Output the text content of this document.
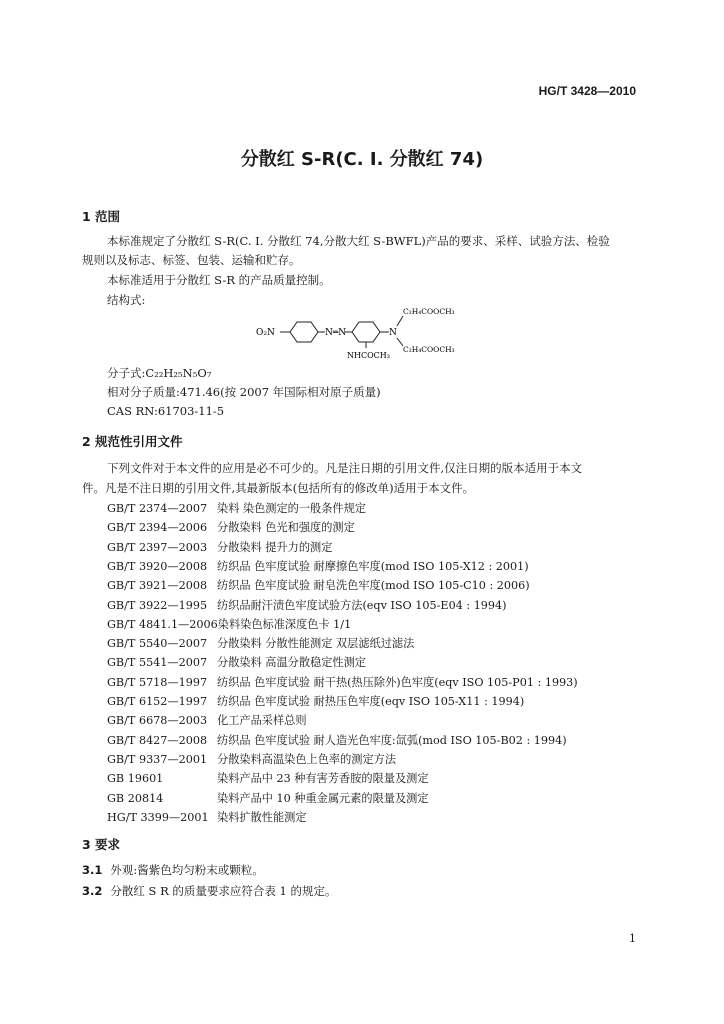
HG/T 3428—2010
分散红 S-R(C. I. 分散红 74)
1 范围
本标准规定了分散红 S-R(C. I. 分散红 74,分散大红 S-BWFL)产品的要求、采样、试验方法、检验
规则以及标志、标签、包装、运输和贮存。
本标准适用于分散红 S-R 的产品质量控制。
结构式:
O₂N	N═N	N
C₂H₄COOCH₃
C₂H₄COOCH₃
NHCOCH₃
分子式:C₂₂H₂₅N₅O₇
相对分子质量:471.46(按 2007 年国际相对原子质量)
CAS RN:61703-11-5
2 规范性引用文件
下列文件对于本文件的应用是必不可少的。凡是注日期的引用文件,仅注日期的版本适用于本文
件。凡是不注日期的引用文件,其最新版本(包括所有的修改单)适用于本文件。
GB/T 2374—2007 染料 染色测定的一般条件规定
GB/T 2394—2006 分散染料 色光和强度的测定
GB/T 2397—2003 分散染料 提升力的测定
GB/T 3920—2008 纺织品 色牢度试验 耐摩擦色牢度(mod ISO 105-X12 : 2001)
GB/T 3921—2008 纺织品 色牢度试验 耐皂洗色牢度(mod ISO 105-C10 : 2006)
GB/T 3922—1995 纺织品耐汗渍色牢度试验方法(eqv ISO 105-E04 : 1994)
GB/T 4841.1—2006染料染色标准深度色卡 1/1
GB/T 5540—2007 分散染料 分散性能测定 双层滤纸过滤法
GB/T 5541—2007 分散染料 高温分散稳定性测定
GB/T 5718—1997 纺织品 色牢度试验 耐干热(热压除外)色牢度(eqv ISO 105-P01 : 1993)
GB/T 6152—1997 纺织品 色牢度试验 耐热压色牢度(eqv ISO 105-X11 : 1994)
GB/T 6678—2003 化工产品采样总则
GB/T 8427—2008 纺织品 色牢度试验 耐人造光色牢度:氙弧(mod ISO 105-B02 : 1994)
GB/T 9337—2001 分散染料高温染色上色率的测定方法
GB 19601	染料产品中 23 种有害芳香胺的限量及测定
GB 20814	染料产品中 10 种重金属元素的限量及测定
HG/T 3399—2001 染料扩散性能测定
3 要求
3.1 外观:酱紫色均匀粉末或颗粒。
3.2 分散红 S R 的质量要求应符合表 1 的规定。
1
